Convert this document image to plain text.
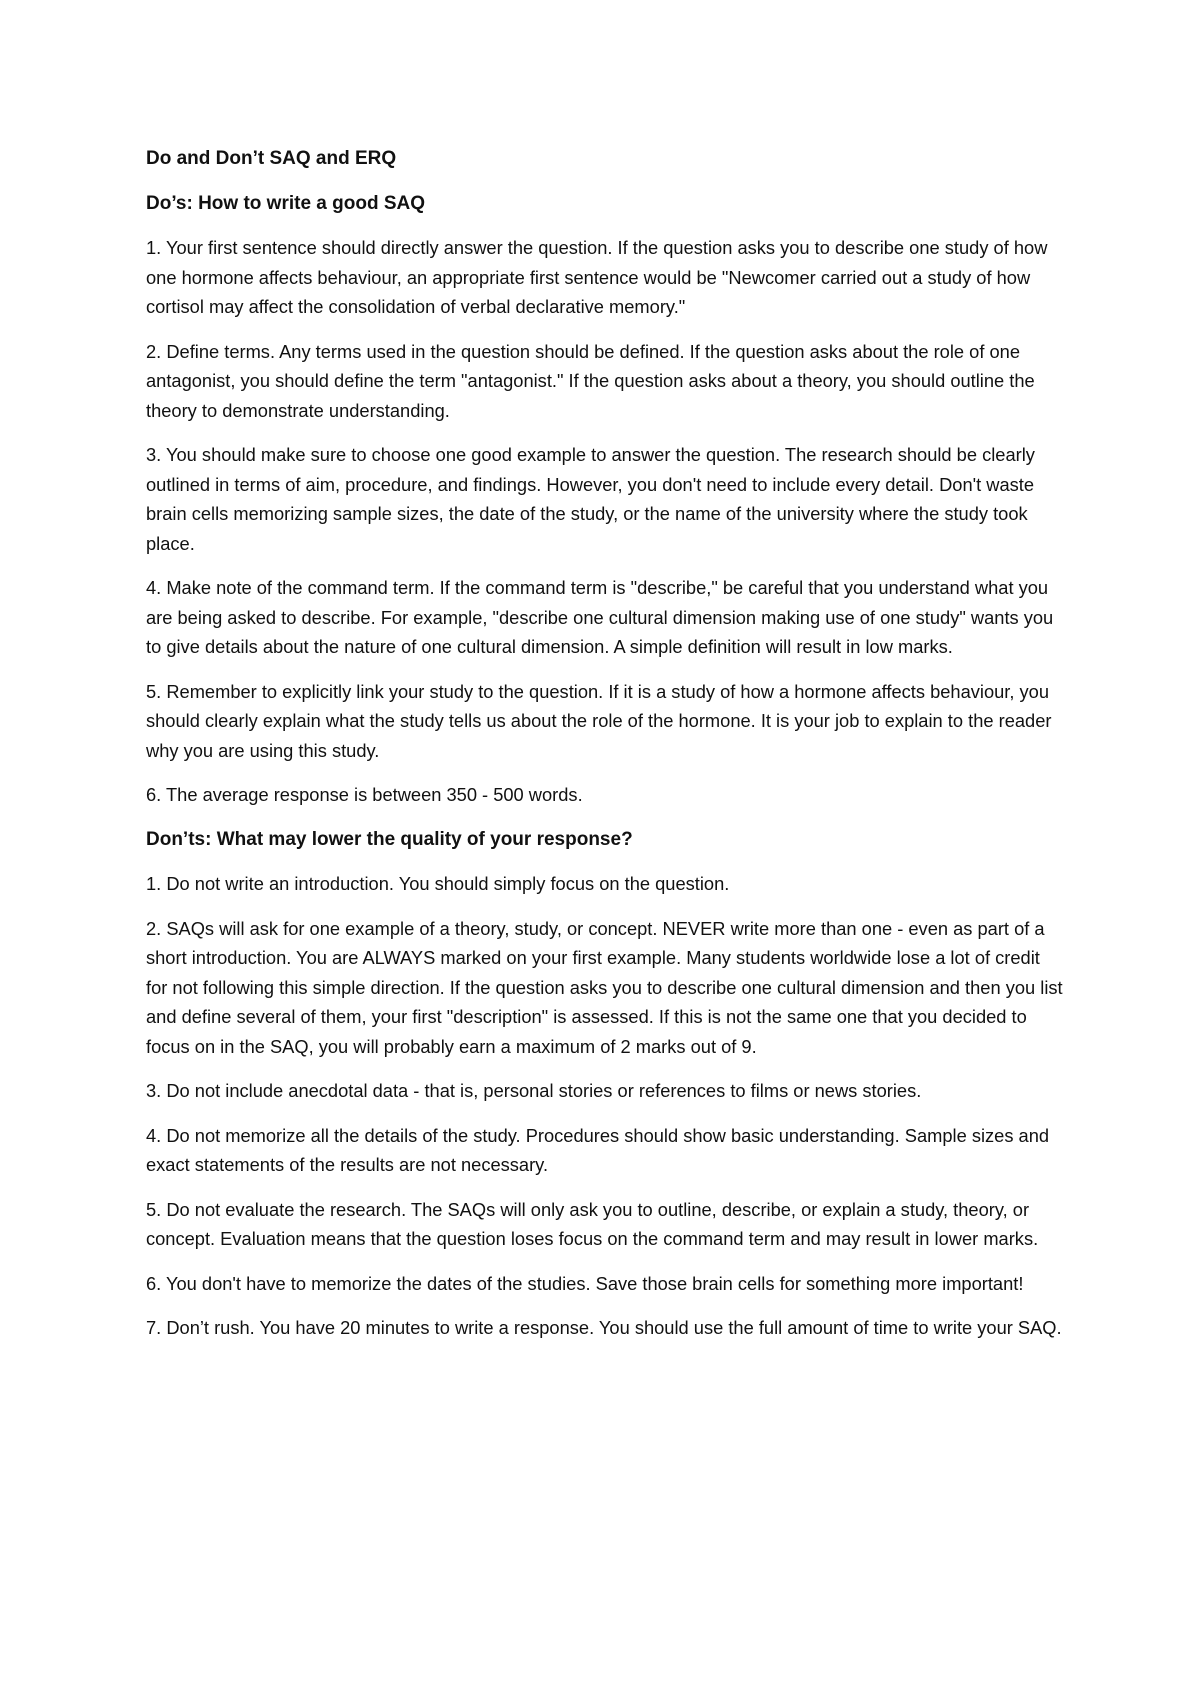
Do and Don’t SAQ and ERQ

Do’s: How to write a good SAQ

1. Your first sentence should directly answer the question. If the question asks you to describe one study of how one hormone affects behaviour, an appropriate first sentence would be "Newcomer carried out a study of how cortisol may affect the consolidation of verbal declarative memory."

2. Define terms. Any terms used in the question should be defined. If the question asks about the role of one antagonist, you should define the term "antagonist." If the question asks about a theory, you should outline the theory to demonstrate understanding.

3. You should make sure to choose one good example to answer the question. The research should be clearly outlined in terms of aim, procedure, and findings. However, you don't need to include every detail. Don't waste brain cells memorizing sample sizes, the date of the study, or the name of the university where the study took place.

4. Make note of the command term. If the command term is "describe," be careful that you understand what you are being asked to describe. For example, "describe one cultural dimension making use of one study" wants you to give details about the nature of one cultural dimension. A simple definition will result in low marks.

5. Remember to explicitly link your study to the question. If it is a study of how a hormone affects behaviour, you should clearly explain what the study tells us about the role of the hormone. It is your job to explain to the reader why you are using this study.

6. The average response is between 350 - 500 words.

Don’ts: What may lower the quality of your response?

1. Do not write an introduction. You should simply focus on the question.

2. SAQs will ask for one example of a theory, study, or concept. NEVER write more than one - even as part of a short introduction. You are ALWAYS marked on your first example. Many students worldwide lose a lot of credit for not following this simple direction. If the question asks you to describe one cultural dimension and then you list and define several of them, your first "description" is assessed. If this is not the same one that you decided to focus on in the SAQ, you will probably earn a maximum of 2 marks out of 9.

3. Do not include anecdotal data - that is, personal stories or references to films or news stories.

4. Do not memorize all the details of the study. Procedures should show basic understanding. Sample sizes and exact statements of the results are not necessary.

5. Do not evaluate the research. The SAQs will only ask you to outline, describe, or explain a study, theory, or concept. Evaluation means that the question loses focus on the command term and may result in lower marks.

6. You don't have to memorize the dates of the studies. Save those brain cells for something more important!

7. Don’t rush. You have 20 minutes to write a response. You should use the full amount of time to write your SAQ.
